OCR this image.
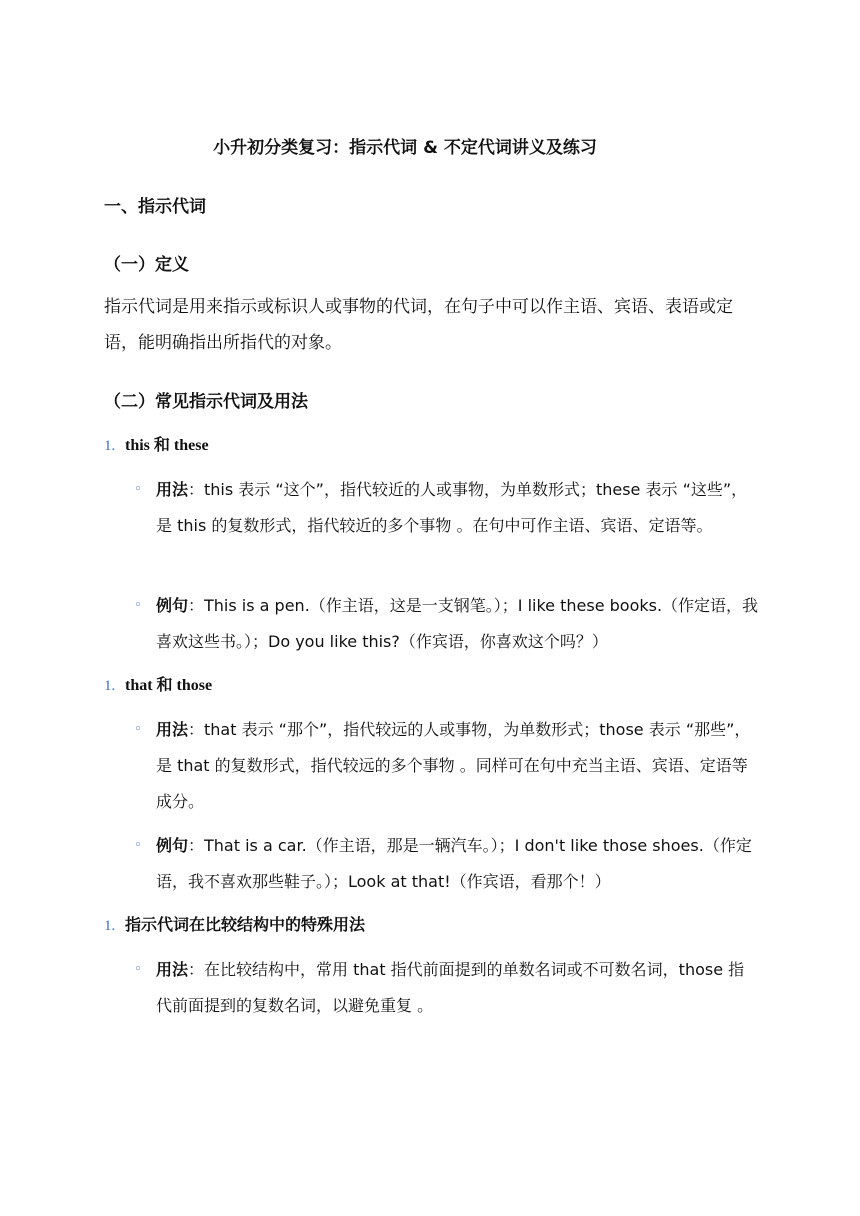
小升初分类复习：指示代词 & 不定代词讲义及练习
一、指示代词
（一）定义
指示代词是用来指示或标识人或事物的代词，在句子中可以作主语、宾语、表语或定语，能明确指出所指代的对象。
（二）常见指示代词及用法
1. this 和 these
◦ 用法：this 表示 “这个”，指代较近的人或事物，为单数形式；these 表示 “这些”，是 this 的复数形式，指代较近的多个事物 。在句中可作主语、宾语、定语等。
◦ 例句：This is a pen.（作主语，这是一支钢笔。）；I like these books.（作定语，我喜欢这些书。）；Do you like this?（作宾语，你喜欢这个吗？）
1. that 和 those
◦ 用法：that 表示 “那个”，指代较远的人或事物，为单数形式；those 表示 “那些”，是 that 的复数形式，指代较远的多个事物 。同样可在句中充当主语、宾语、定语等成分。
◦ 例句：That is a car.（作主语，那是一辆汽车。）；I don't like those shoes.（作定语，我不喜欢那些鞋子。）；Look at that!（作宾语，看那个！）
1. 指示代词在比较结构中的特殊用法
◦ 用法：在比较结构中，常用 that 指代前面提到的单数名词或不可数名词，those 指代前面提到的复数名词，以避免重复 。
